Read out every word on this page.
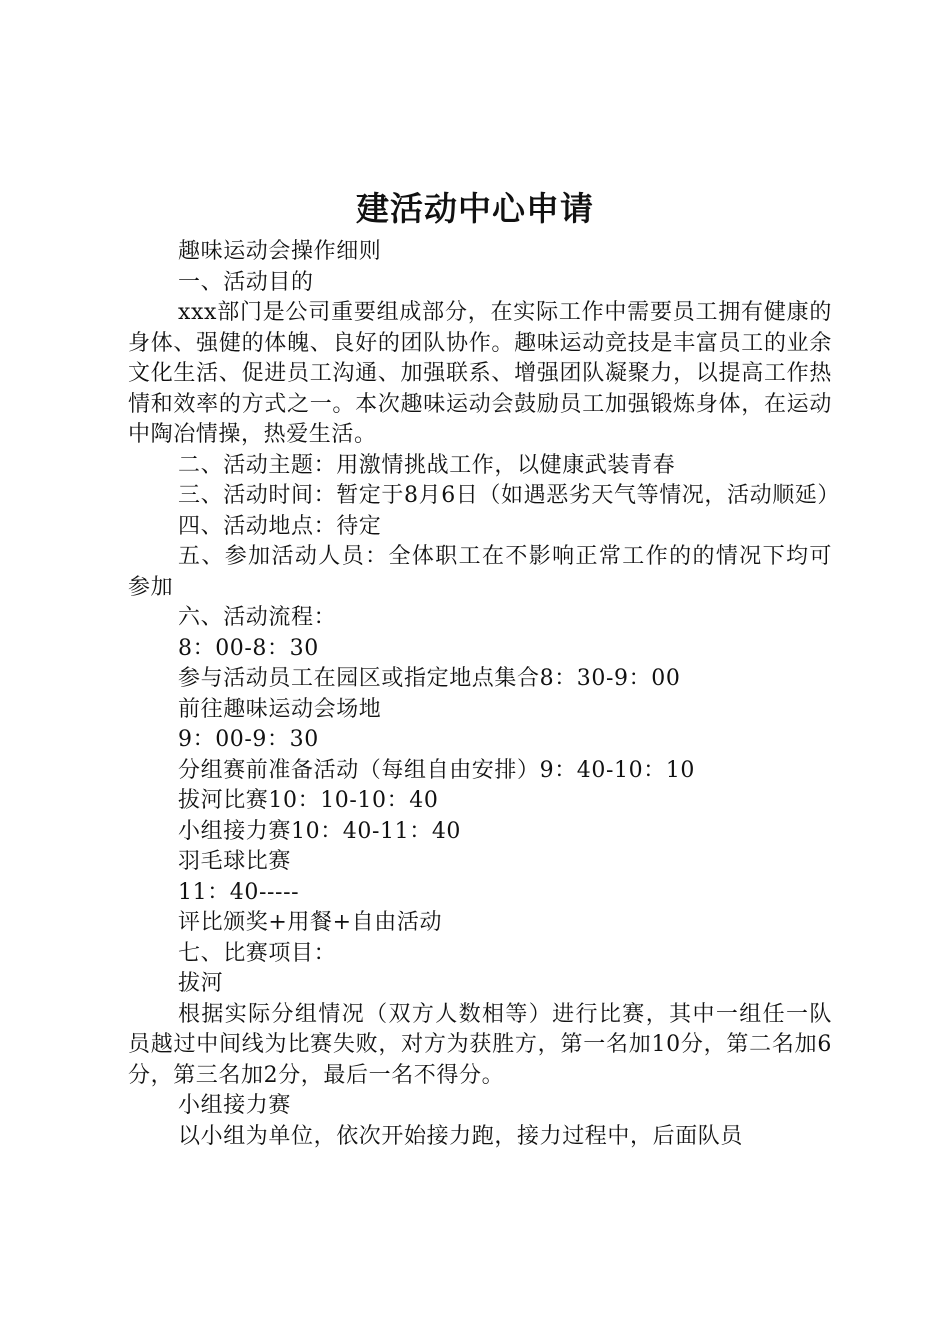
建活动中心申请

趣味运动会操作细则

一、活动目的

xxx部门是公司重要组成部分，在实际工作中需要员工拥有健康的身体、强健的体魄、良好的团队协作。趣味运动竞技是丰富员工的业余文化生活、促进员工沟通、加强联系、增强团队凝聚力，以提高工作热情和效率的方式之一。本次趣味运动会鼓励员工加强锻炼身体，在运动中陶冶情操，热爱生活。

二、活动主题：用激情挑战工作，以健康武装青春

三、活动时间：暂定于8月6日（如遇恶劣天气等情况，活动顺延）

四、活动地点：待定

五、参加活动人员：全体职工在不影响正常工作的的情况下均可参加

六、活动流程：

8：00-8：30

参与活动员工在园区或指定地点集合8：30-9：00

前往趣味运动会场地

9：00-9：30

分组赛前准备活动（每组自由安排）9：40-10：10

拔河比赛10：10-10：40

小组接力赛10：40-11：40

羽毛球比赛

11：40-----

评比颁奖+用餐+自由活动

七、比赛项目：

拔河

根据实际分组情况（双方人数相等）进行比赛，其中一组任一队员越过中间线为比赛失败，对方为获胜方，第一名加10分，第二名加6分，第三名加2分，最后一名不得分。

小组接力赛

以小组为单位，依次开始接力跑，接力过程中，后面队员
